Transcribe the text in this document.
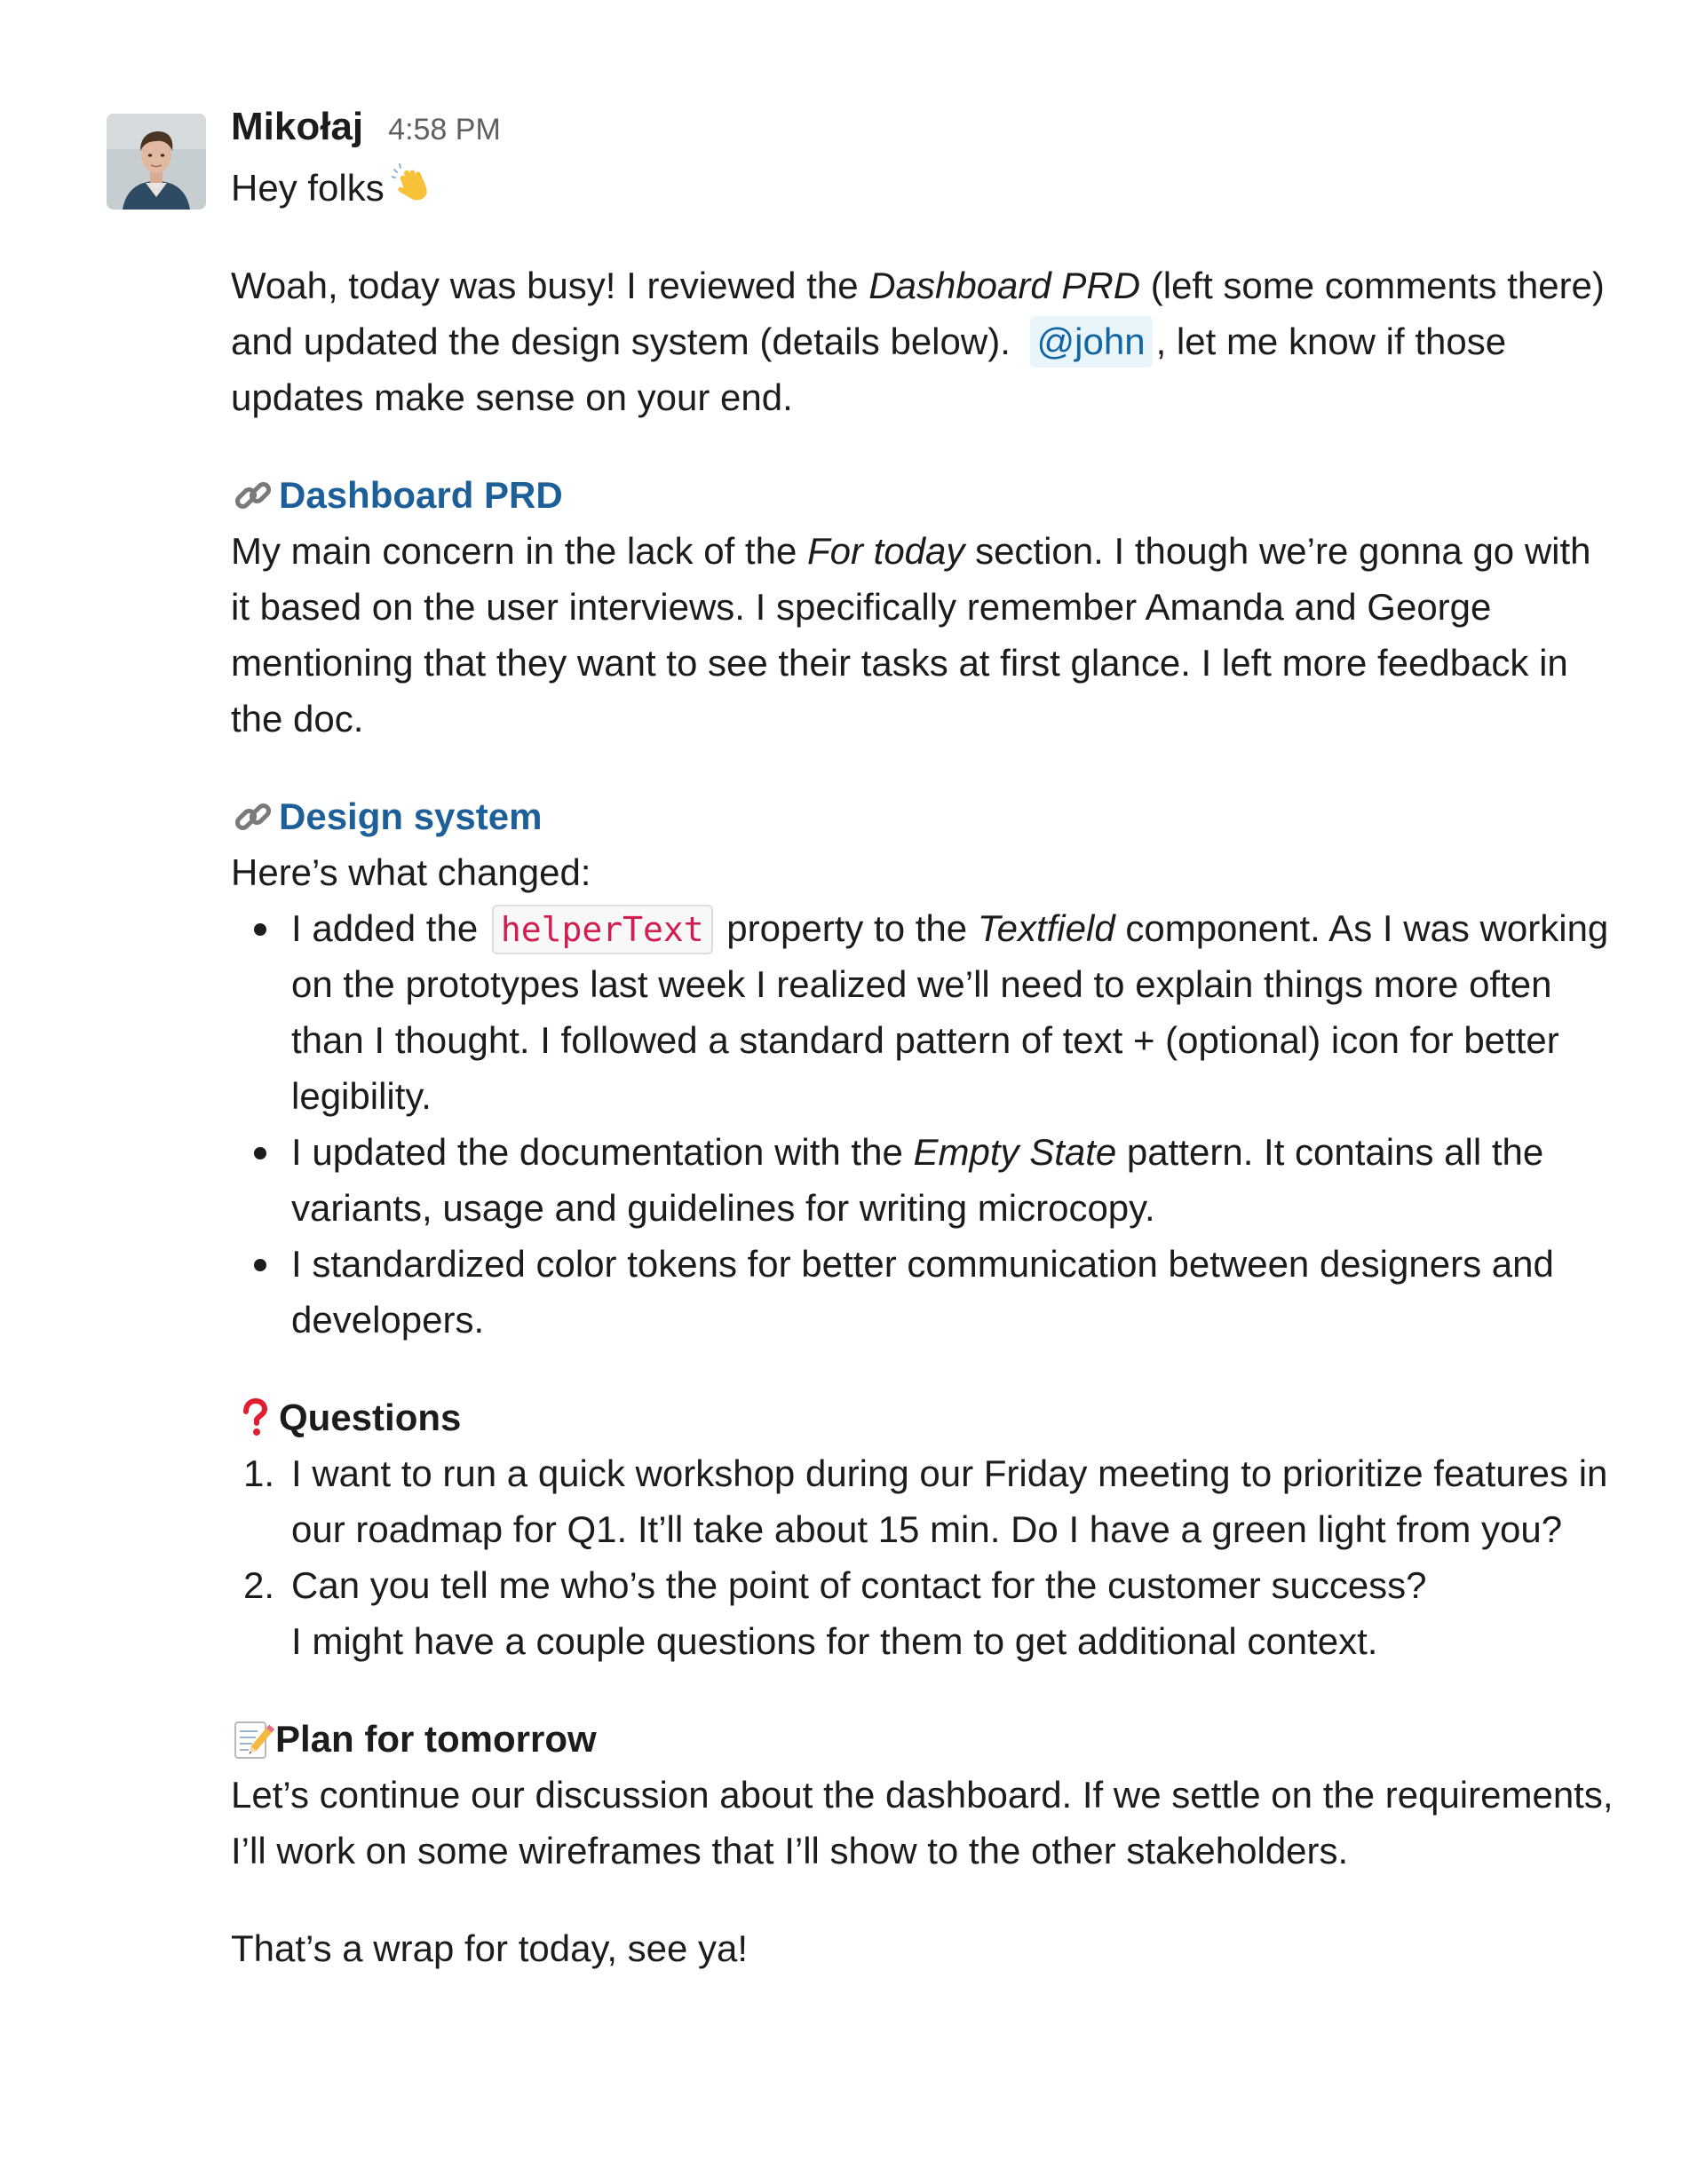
Mikołaj 4:58 PM

Hey folks

Woah, today was busy! I reviewed the Dashboard PRD (left some comments there) and updated the design system (details below). @john , let me know if those updates make sense on your end.

Dashboard PRD

My main concern in the lack of the For today section. I though we’re gonna go with it based on the user interviews. I specifically remember Amanda and George mentioning that they want to see their tasks at first glance. I left more feedback in the doc.

Design system

Here’s what changed:

I added the helperText property to the Textfield component. As I was working on the prototypes last week I realized we’ll need to explain things more often than I thought. I followed a standard pattern of text + (optional) icon for better legibility.
I updated the documentation with the Empty State pattern. It contains all the variants, usage and guidelines for writing microcopy.
I standardized color tokens for better communication between designers and developers.
Questions
1. I want to run a quick workshop during our Friday meeting to prioritize features in our roadmap for Q1. It’ll take about 15 min. Do I have a green light from you?
2. Can you tell me who’s the point of contact for the customer success?
I might have a couple questions for them to get additional context.
Plan for tomorrow

Let’s continue our discussion about the dashboard. If we settle on the requirements, I’ll work on some wireframes that I’ll show to the other stakeholders.

That’s a wrap for today, see ya!
